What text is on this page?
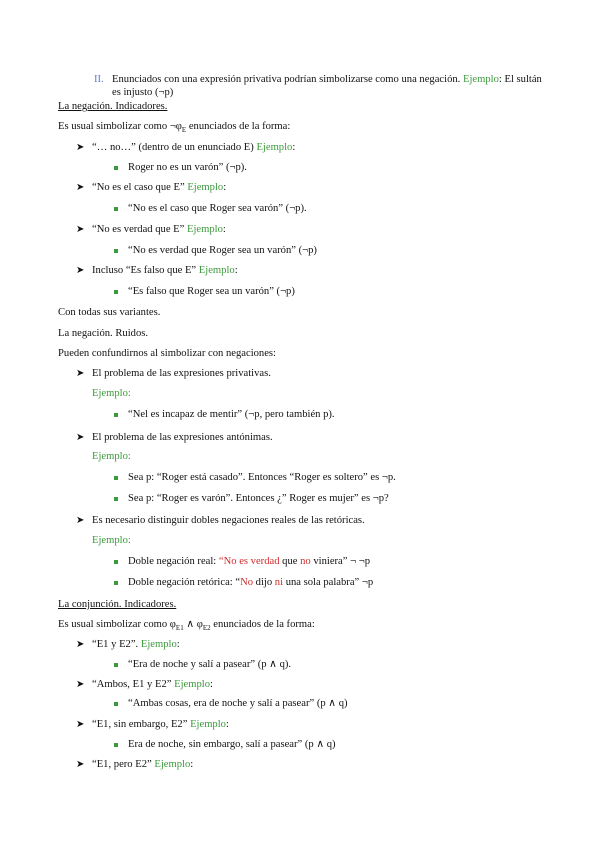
II. Enunciados con una expresión privativa podrían simbolizarse como una negación. Ejemplo: El sultán es injusto (¬p)
La negación. Indicadores.
Es usual simbolizar como $\neg\varphi_E$ enunciados de la forma:
➤ “… no…” (dentro de un enunciado E) Ejemplo:
Roger no es un varón” (¬p).
➤ “No es el caso que E” Ejemplo:
“No es el caso que Roger sea varón” (¬p).
➤ “No es verdad que E” Ejemplo:
“No es verdad que Roger sea un varón” (¬p)
➤ Incluso “Es falso que E” Ejemplo:
“Es falso que Roger sea un varón” (¬p)
Con todas sus variantes.
La negación. Ruidos.
Pueden confundirnos al simbolizar con negaciones:
➤ El problema de las expresiones privativas.
Ejemplo:
“Nel es incapaz de mentir” (¬p, pero también p).
➤ El problema de las expresiones antónimas.
Ejemplo:
Sea p: “Roger está casado”. Entonces “Roger es soltero” es ¬p.
Sea p: “Roger es varón”. Entonces ¿” Roger es mujer” es ¬p?
➤ Es necesario distinguir dobles negaciones reales de las retóricas.
Ejemplo:
Doble negación real: “No es verdad que no viniera” ¬ ¬p
Doble negación retórica: “No dijo ni una sola palabra” ¬p
La conjunción. Indicadores.
Es usual simbolizar como $\varphi_{E1}$ ∧ $\varphi_{E2}$ enunciados de la forma:
➤ “E1 y E2”. Ejemplo:
“Era de noche y salí a pasear” (p ∧ q).
➤ “Ambos, E1 y E2” Ejemplo:
“Ambas cosas, era de noche y salí a pasear” (p ∧ q)
➤ “E1, sin embargo, E2” Ejemplo:
Era de noche, sin embargo, salí a pasear” (p ∧ q)
➤ “E1, pero E2” Ejemplo:
